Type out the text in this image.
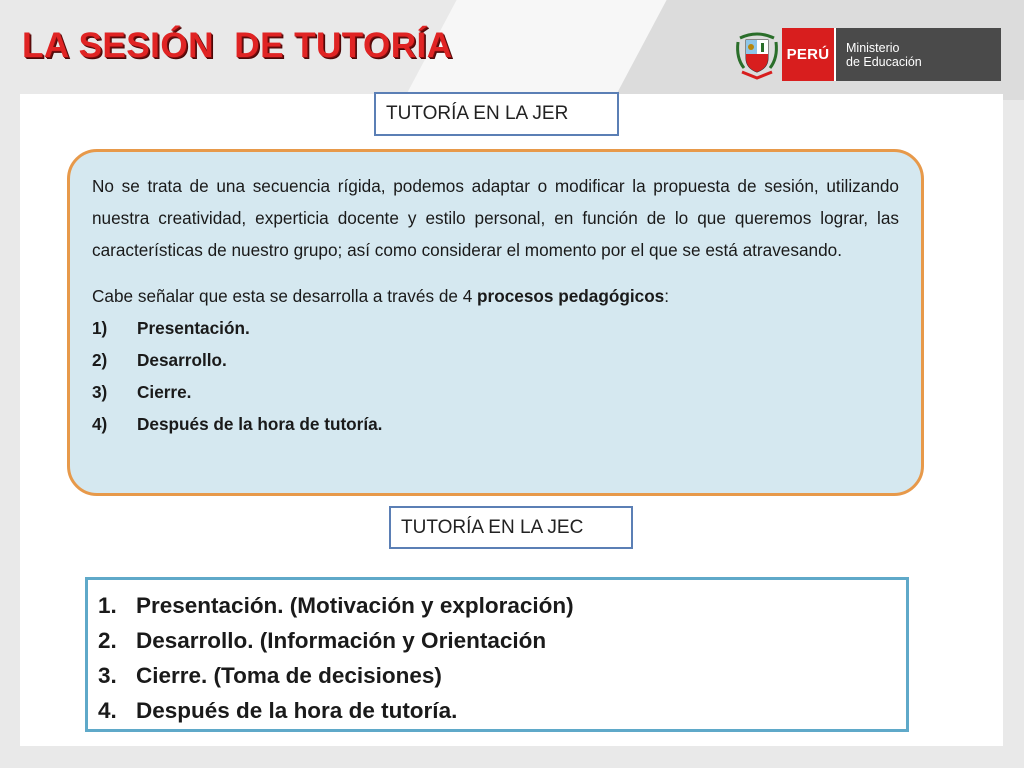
LA SESIÓN  DE TUTORÍA	PERÚ	Ministerio
de Educación
TUTORÍA EN LA JER

No se trata de una secuencia rígida, podemos adaptar o modificar la propuesta de sesión, utilizando nuestra creatividad, experticia docente y estilo personal, en función de lo que queremos lograr, las características de nuestro grupo; así como considerar el momento por el que se está atravesando.

Cabe señalar que esta se desarrolla a través de 4 procesos pedagógicos:

1)	Presentación.
2)	Desarrollo.
3)	Cierre.
4)	Después de la hora de tutoría.
TUTORÍA EN LA JEC
1. Presentación. (Motivación y exploración)
2. Desarrollo. (Información y Orientación
3. Cierre. (Toma de decisiones)
4. Después de la hora de tutoría.
